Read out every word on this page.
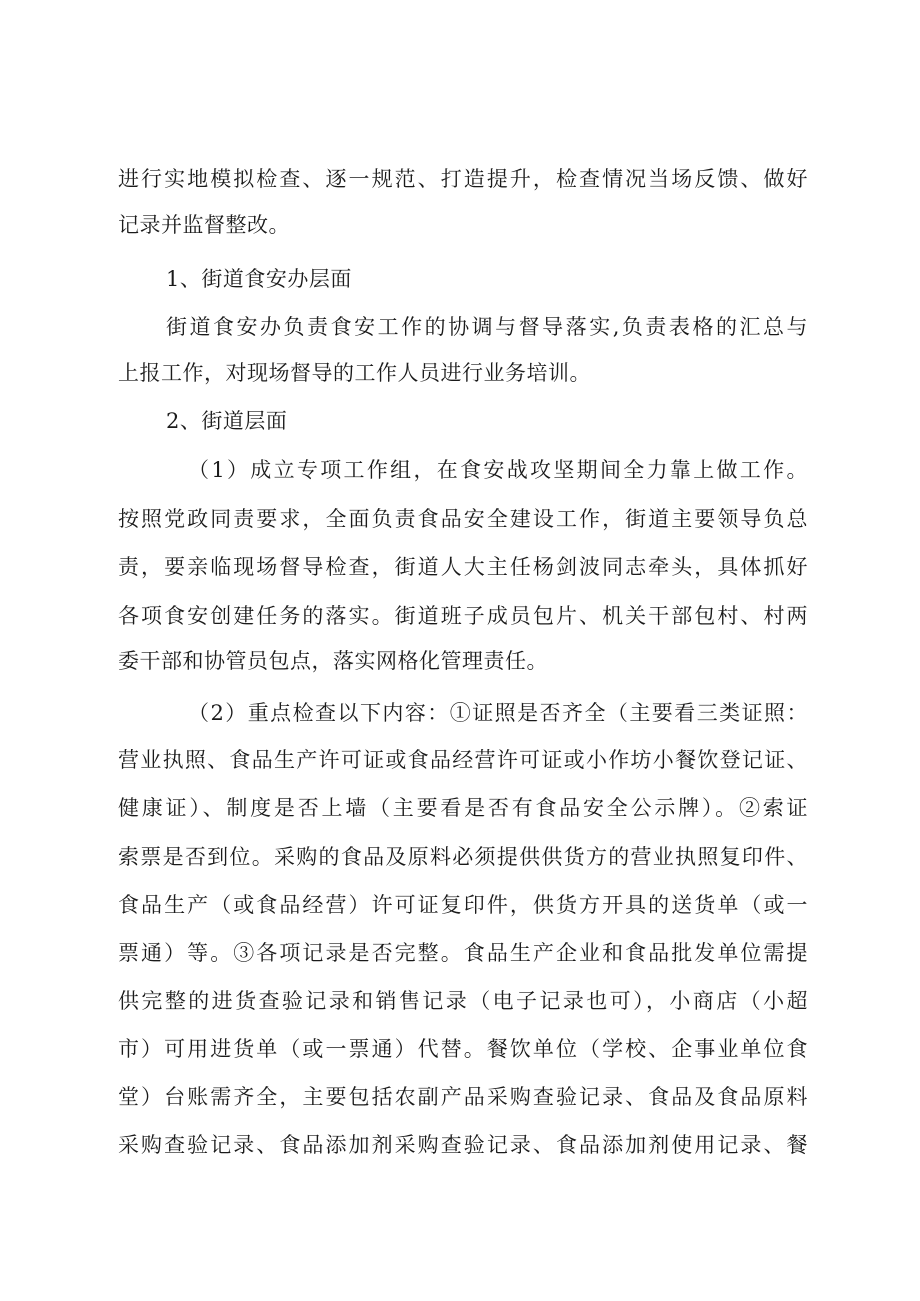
进行实地模拟检查、逐一规范、打造提升，检查情况当场反馈、做好
记录并监督整改。
1、街道食安办层面
街道食安办负责食安工作的协调与督导落实,负责表格的汇总与
上报工作，对现场督导的工作人员进行业务培训。
2、街道层面
（1）成立专项工作组，在食安战攻坚期间全力靠上做工作。
按照党政同责要求，全面负责食品安全建设工作，街道主要领导负总
责，要亲临现场督导检查，街道人大主任杨剑波同志牵头，具体抓好
各项食安创建任务的落实。街道班子成员包片、机关干部包村、村两
委干部和协管员包点，落实网格化管理责任。
（2）重点检查以下内容：①证照是否齐全（主要看三类证照：
营业执照、食品生产许可证或食品经营许可证或小作坊小餐饮登记证、
健康证）、制度是否上墙（主要看是否有食品安全公示牌）。②索证
索票是否到位。采购的食品及原料必须提供供货方的营业执照复印件、
食品生产（或食品经营）许可证复印件，供货方开具的送货单（或一
票通）等。③各项记录是否完整。食品生产企业和食品批发单位需提
供完整的进货查验记录和销售记录（电子记录也可），小商店（小超
市）可用进货单（或一票通）代替。餐饮单位（学校、企事业单位食
堂）台账需齐全，主要包括农副产品采购查验记录、食品及食品原料
采购查验记录、食品添加剂采购查验记录、食品添加剂使用记录、餐
